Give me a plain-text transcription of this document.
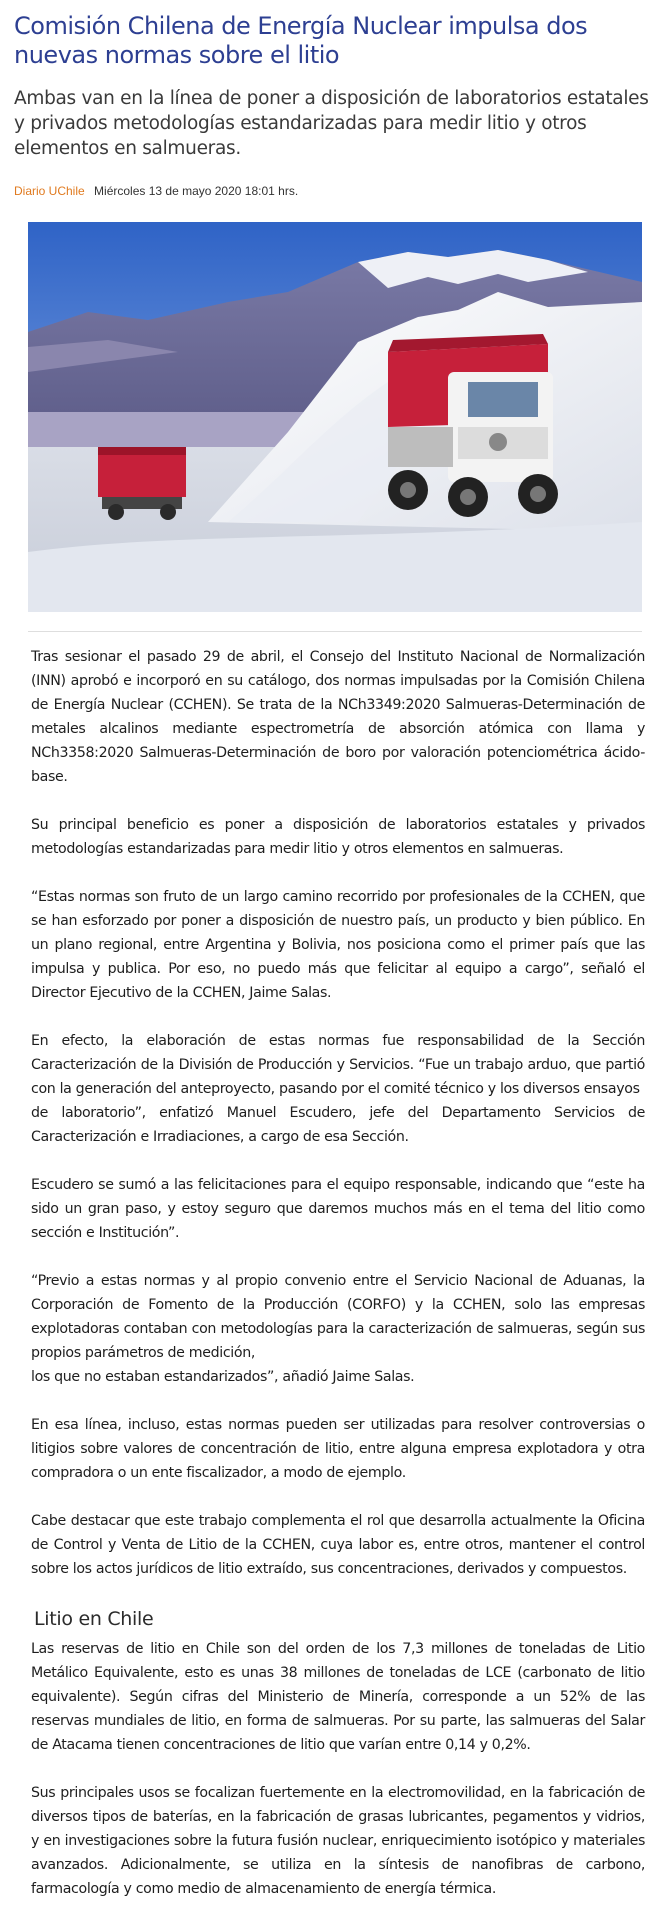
Comisión Chilena de Energía Nuclear impulsa dos nuevas normas sobre el litio

Ambas van en la línea de poner a disposición de laboratorios estatales y privados metodologías estandarizadas para medir litio y otros elementos en salmueras.

Diario UChile Miércoles 13 de mayo 2020 18:01 hrs.

Tras sesionar el pasado 29 de abril, el Consejo del Instituto Nacional de Normalización (INN) aprobó e incorporó en su catálogo, dos normas impulsadas por la Comisión Chilena de Energía Nuclear (CCHEN). Se trata de la NCh3349:2020 Salmueras-Determinación de metales alcalinos mediante espectrometría de absorción atómica con llama y NCh3358:2020 Salmueras-Determinación de boro por valoración potenciométrica ácido-base.

Su principal beneficio es poner a disposición de laboratorios estatales y privados metodologías estandarizadas para medir litio y otros elementos en salmueras.

“Estas normas son fruto de un largo camino recorrido por profesionales de la CCHEN, que se han esforzado por poner a disposición de nuestro país, un producto y bien público. En un plano regional, entre Argentina y Bolivia, nos posiciona como el primer país que las impulsa y publica. Por eso, no puedo más que felicitar al equipo a cargo”, señaló el Director Ejecutivo de la CCHEN, Jaime Salas.

En efecto, la elaboración de estas normas fue responsabilidad de la Sección Caracterización de la División de Producción y Servicios. “Fue un trabajo arduo, que partió con la generación del anteproyecto, pasando por el comité técnico y los diversos ensayos
de laboratorio”, enfatizó Manuel Escudero, jefe del Departamento Servicios de Caracterización e Irradiaciones, a cargo de esa Sección.

Escudero se sumó a las felicitaciones para el equipo responsable, indicando que “este ha sido un gran paso, y estoy seguro que daremos muchos más en el tema del litio como sección e Institución”.

“Previo a estas normas y al propio convenio entre el Servicio Nacional de Aduanas, la Corporación de Fomento de la Producción (CORFO) y la CCHEN, solo las empresas explotadoras contaban con metodologías para la caracterización de salmueras, según sus propios parámetros de medición,
los que no estaban estandarizados”, añadió Jaime Salas.

En esa línea, incluso, estas normas pueden ser utilizadas para resolver controversias o litigios sobre valores de concentración de litio, entre alguna empresa explotadora y otra compradora o un ente fiscalizador, a modo de ejemplo.

Cabe destacar que este trabajo complementa el rol que desarrolla actualmente la Oficina de Control y Venta de Litio de la CCHEN, cuya labor es, entre otros, mantener el control sobre los actos jurídicos de litio extraído, sus concentraciones, derivados y compuestos.

Litio en Chile

Las reservas de litio en Chile son del orden de los 7,3 millones de toneladas de Litio Metálico Equivalente, esto es unas 38 millones de toneladas de LCE (carbonato de litio equivalente). Según cifras del Ministerio de Minería, corresponde a un 52% de las reservas mundiales de litio, en forma de salmueras. Por su parte, las salmueras del Salar de Atacama tienen concentraciones de litio que varían entre 0,14 y 0,2%.

Sus principales usos se focalizan fuertemente en la electromovilidad, en la fabricación de diversos tipos de baterías, en la fabricación de grasas lubricantes, pegamentos y vidrios, y en investigaciones sobre la futura fusión nuclear, enriquecimiento isotópico y materiales avanzados. Adicionalmente, se utiliza en la síntesis de nanofibras de carbono, farmacología y como medio de almacenamiento de energía térmica.
